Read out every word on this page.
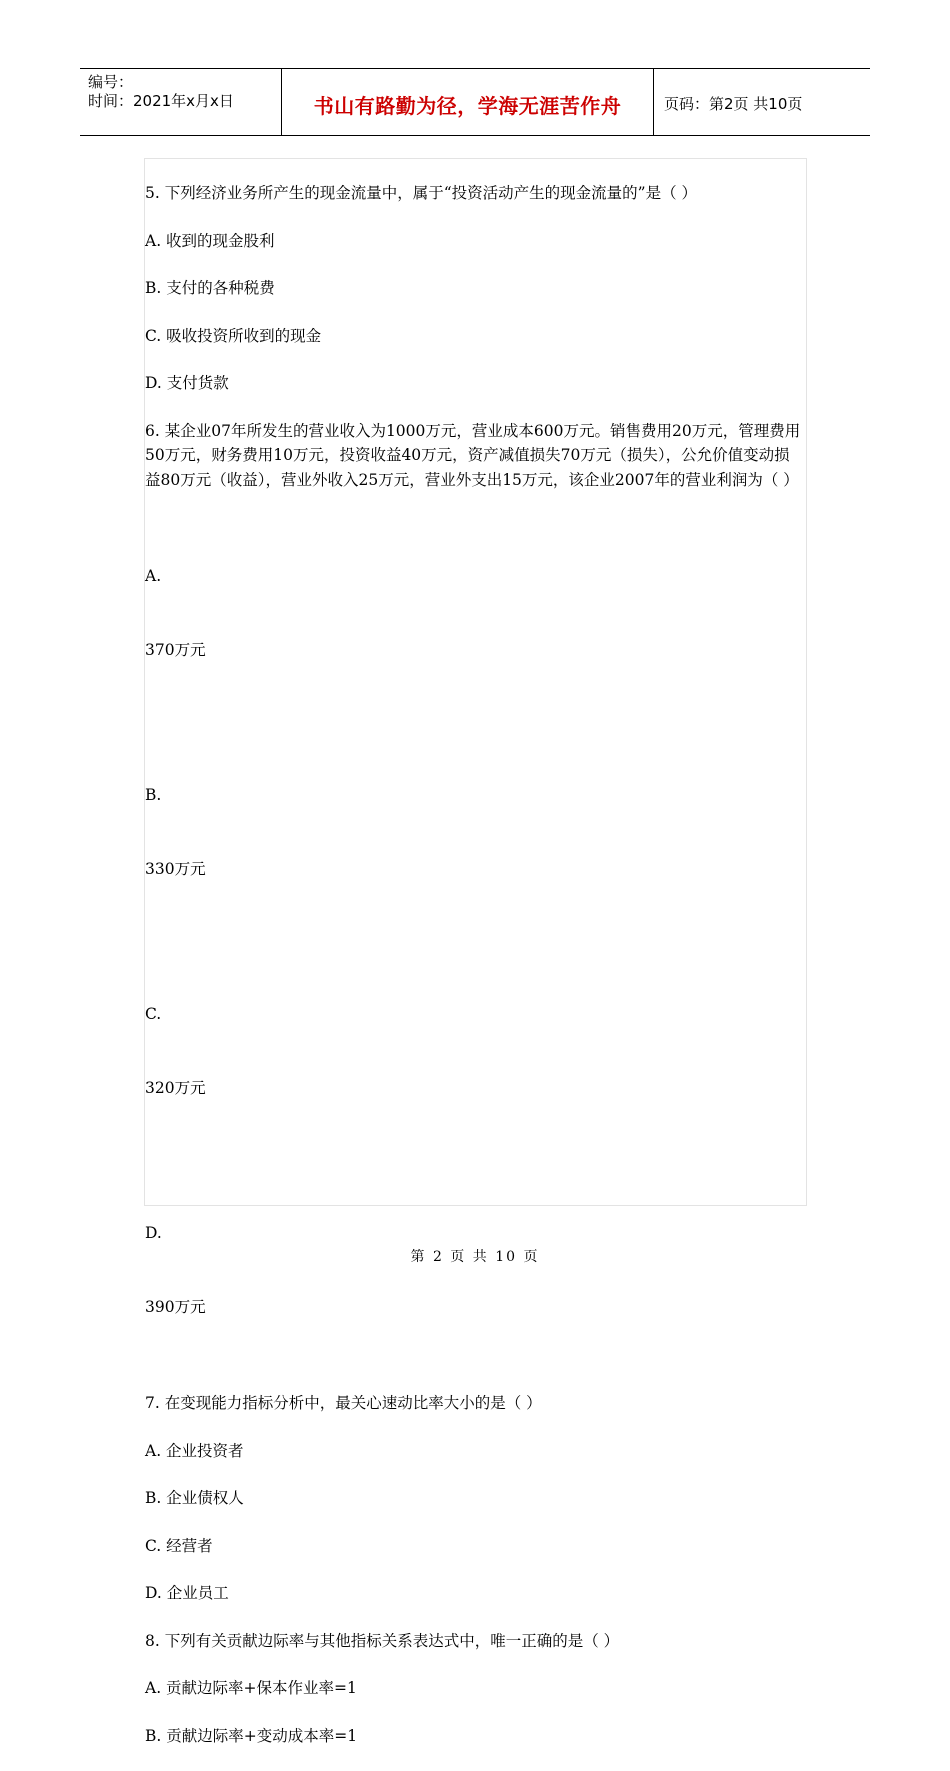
编号：
时间：2021年x月x日	书山有路勤为径，学海无涯苦作舟	页码：第2页 共10页

5. 下列经济业务所产生的现金流量中，属于“投资活动产生的现金流量的”是（ ）

A. 收到的现金股利

B. 支付的各种税费

C. 吸收投资所收到的现金

D. 支付货款

6. 某企业07年所发生的营业收入为1000万元，营业成本600万元。销售费用20万元，管理费用50万元，财务费用10万元，投资收益40万元，资产减值损失70万元（损失），公允价值变动损益80万元（收益），营业外收入25万元，营业外支出15万元，该企业2007年的营业利润为（ ）

A.

370万元

B.

330万元

C.

320万元

D.

390万元

7. 在变现能力指标分析中，最关心速动比率大小的是（ ）

A. 企业投资者

B. 企业债权人

C. 经营者

D. 企业员工

8. 下列有关贡献边际率与其他指标关系表达式中，唯一正确的是（ ）

A. 贡献边际率+保本作业率=1

B. 贡献边际率+变动成本率=1

第 2 页 共 10 页
